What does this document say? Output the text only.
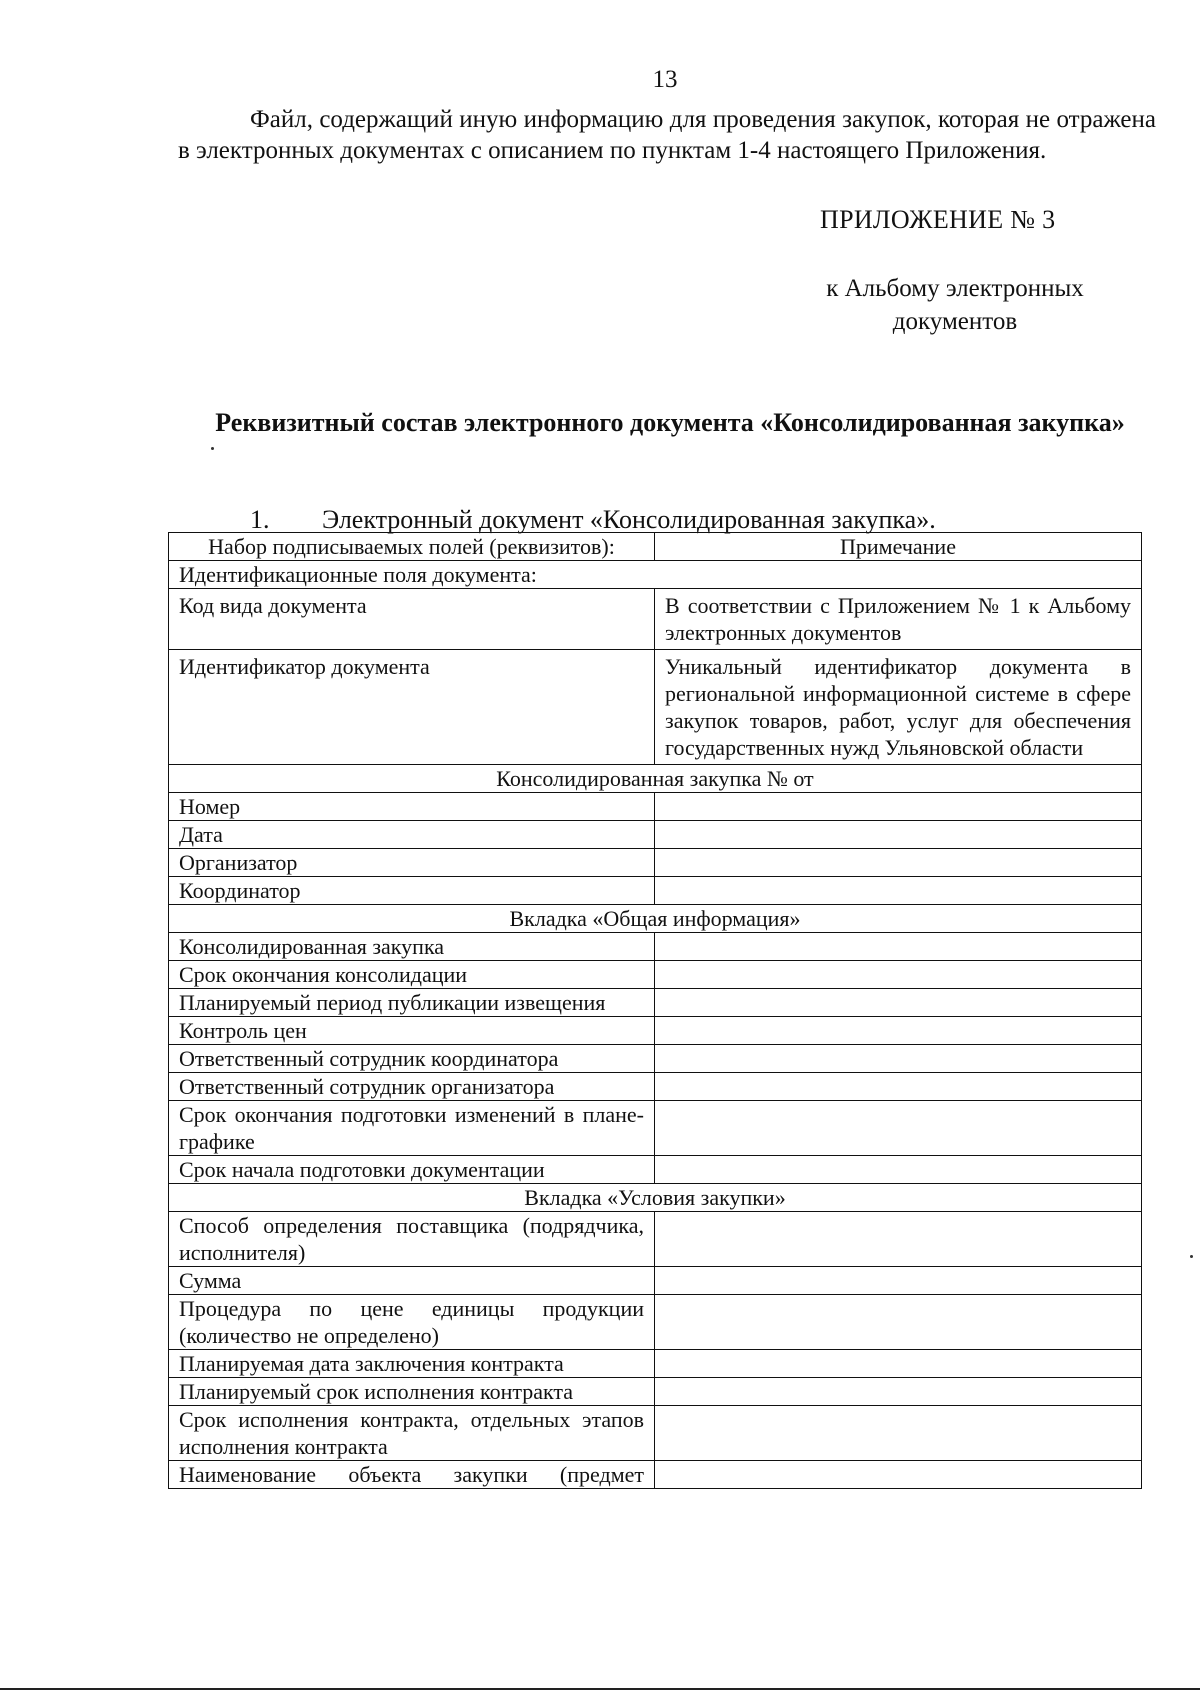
13

Файл, содержащий иную информацию для проведения закупок, которая не отражена в электронных документах с описанием по пунктам 1-4 настоящего Приложения.

ПРИЛОЖЕНИЕ № 3
к Альбому электронных документов
Реквизитный состав электронного документа «Консолидированная закупка»
1. Электронный документ «Консолидированная закупка».
Набор подписываемых полей (реквизитов):	Примечание
Идентификационные поля документа:	
Код вида документа	В соответствии с Приложением № 1 к Альбому электронных документов
Идентификатор документа	Уникальный идентификатор документа в региональной информационной системе в сфере закупок товаров, работ, услуг для обеспечения государственных нужд Ульяновской области
Консолидированная закупка № от	
Номер	
Дата	
Организатор	
Координатор	
Вкладка «Общая информация»	
Консолидированная закупка	
Срок окончания консолидации	
Планируемый период публикации извещения	
Контроль цен	
Ответственный сотрудник координатора	
Ответственный сотрудник организатора	
Срок окончания подготовки изменений в плане-графике	
Срок начала подготовки документации	
Вкладка «Условия закупки»	
Способ определения поставщика (подрядчика, исполнителя)	
Сумма	
Процедура по цене единицы продукции (количество не определено)	
Планируемая дата заключения контракта	
Планируемый срок исполнения контракта	
Срок исполнения контракта, отдельных этапов исполнения контракта	
Наименование объекта закупки (предмет	
